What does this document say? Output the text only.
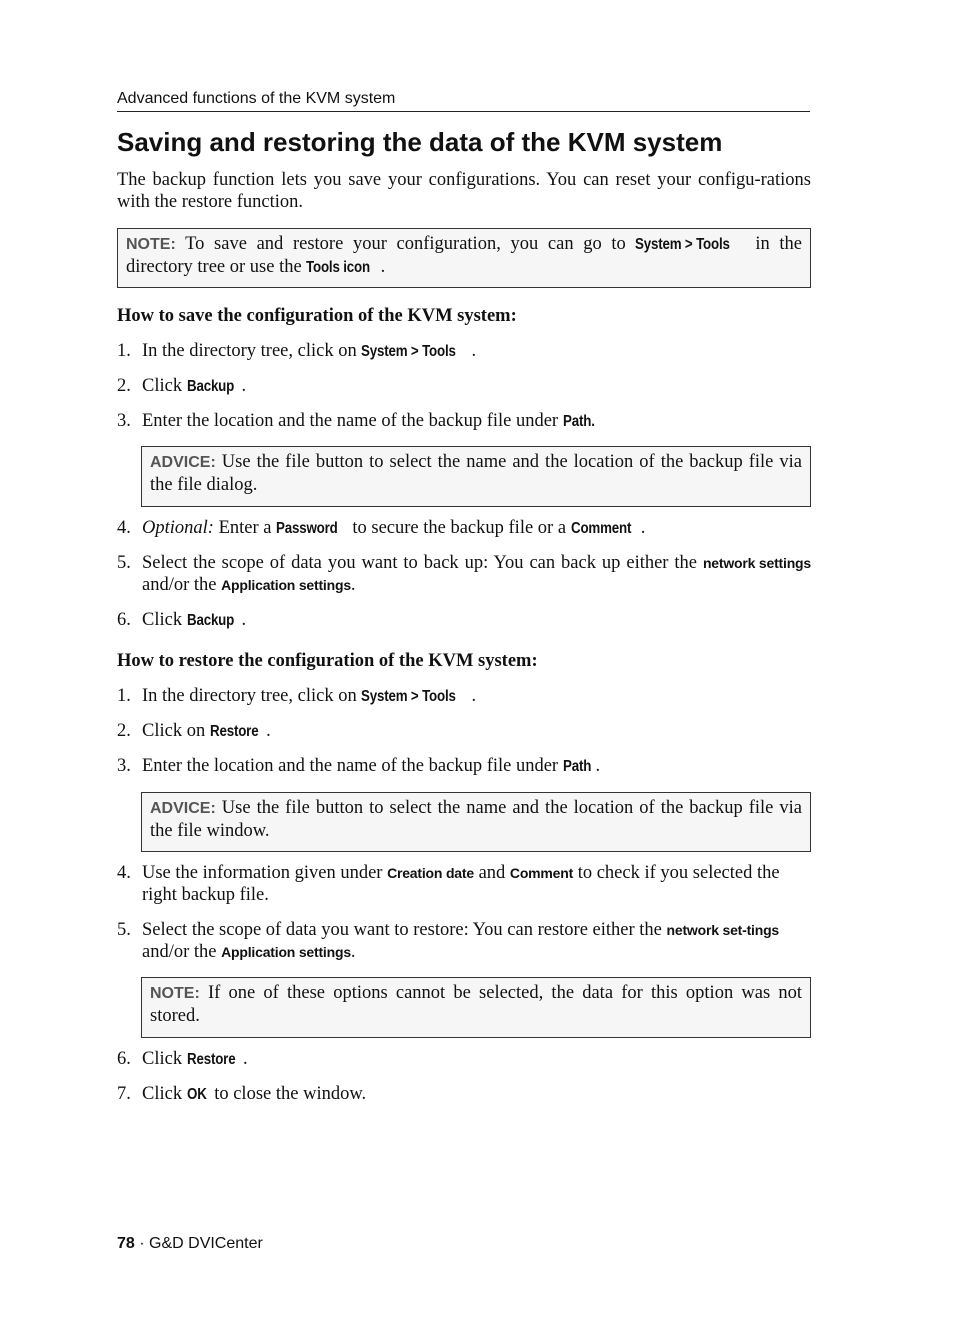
Advanced functions of the KVM system
Saving and restoring the data of the KVM system
The backup function lets you save your configurations. You can reset your configu-rations with the restore function.
NOTE: To save and restore your configuration, you can go to System > Tools in the directory tree or use the Tools icon .
How to save the configuration of the KVM system:
1. In the directory tree, click on System > Tools .
2. Click Backup .
3. Enter the location and the name of the backup file under Path.
ADVICE: Use the file button to select the name and the location of the backup file via the file dialog.
4. Optional: Enter a Password to secure the backup file or a Comment .
5. Select the scope of data you want to back up: You can back up either the network settings and/or the Application settings.
6. Click Backup .
How to restore the configuration of the KVM system:
1. In the directory tree, click on System > Tools .
2. Click on Restore .
3. Enter the location and the name of the backup file under Path .
ADVICE: Use the file button to select the name and the location of the backup file via the file window.
4. Use the information given under Creation date and Comment to check if you selected the right backup file.
5. Select the scope of data you want to restore: You can restore either the network set-tings and/or the Application settings.
NOTE: If one of these options cannot be selected, the data for this option was not stored.
6. Click Restore .
7. Click OK to close the window.
78 · G&D DVICenter
